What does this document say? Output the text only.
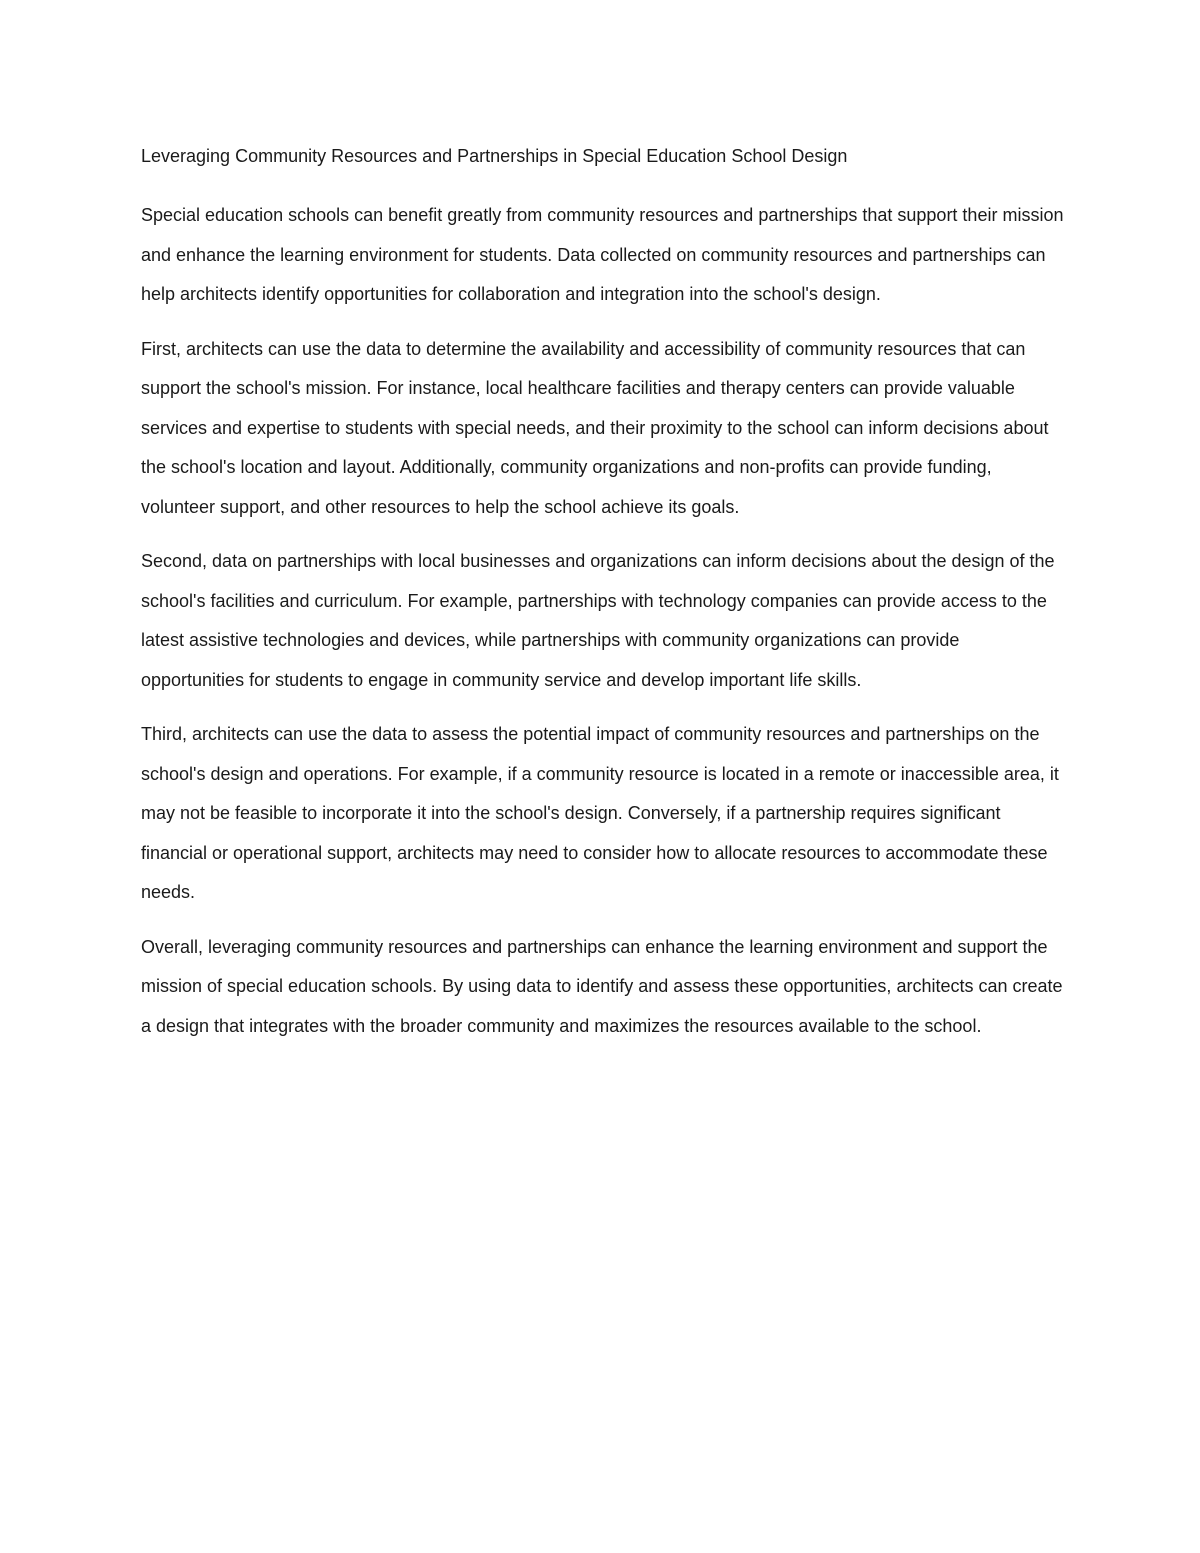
Leveraging Community Resources and Partnerships in Special Education School Design

Special education schools can benefit greatly from community resources and partnerships that support their mission and enhance the learning environment for students. Data collected on community resources and partnerships can help architects identify opportunities for collaboration and integration into the school's design.

First, architects can use the data to determine the availability and accessibility of community resources that can support the school's mission. For instance, local healthcare facilities and therapy centers can provide valuable services and expertise to students with special needs, and their proximity to the school can inform decisions about the school's location and layout. Additionally, community organizations and non-profits can provide funding, volunteer support, and other resources to help the school achieve its goals.

Second, data on partnerships with local businesses and organizations can inform decisions about the design of the school's facilities and curriculum. For example, partnerships with technology companies can provide access to the latest assistive technologies and devices, while partnerships with community organizations can provide opportunities for students to engage in community service and develop important life skills.

Third, architects can use the data to assess the potential impact of community resources and partnerships on the school's design and operations. For example, if a community resource is located in a remote or inaccessible area, it may not be feasible to incorporate it into the school's design. Conversely, if a partnership requires significant financial or operational support, architects may need to consider how to allocate resources to accommodate these needs.

Overall, leveraging community resources and partnerships can enhance the learning environment and support the mission of special education schools. By using data to identify and assess these opportunities, architects can create a design that integrates with the broader community and maximizes the resources available to the school.
